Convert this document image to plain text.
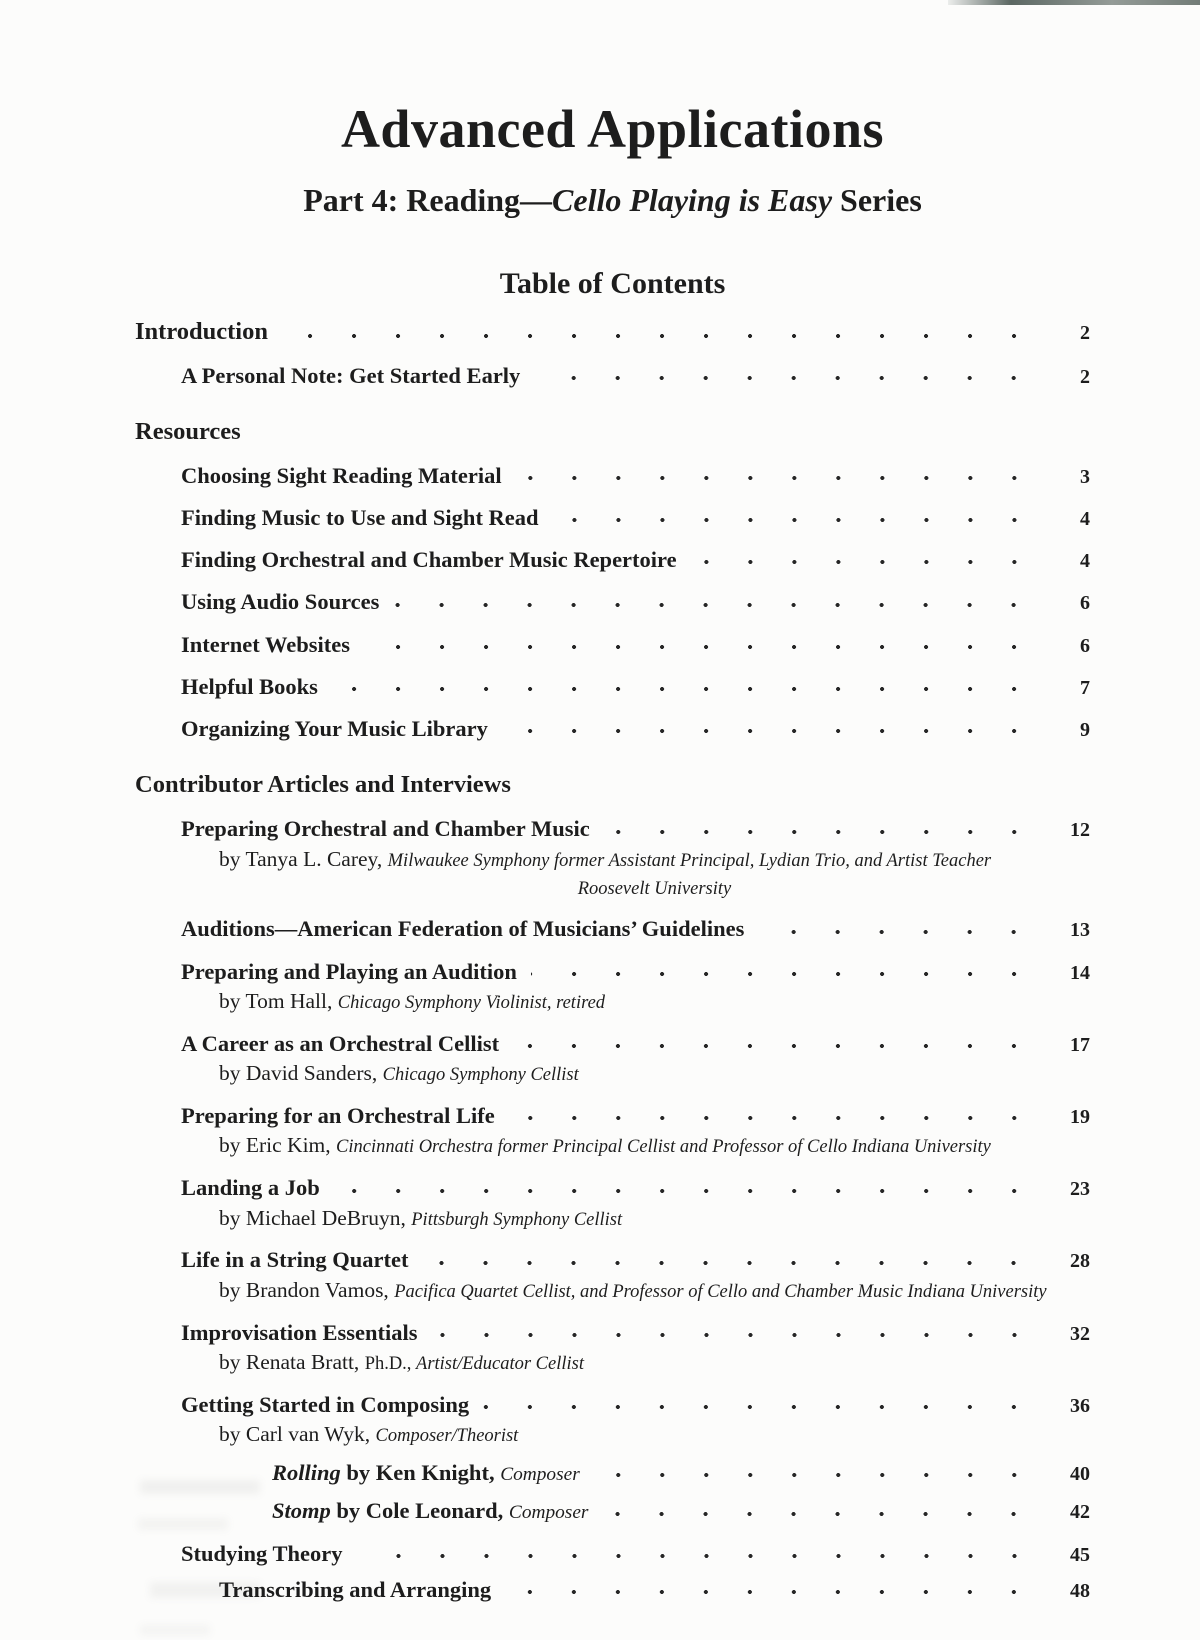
Advanced Applications
Part 4: Reading—Cello Playing is Easy Series
Table of Contents
Introduction	2
A Personal Note: Get Started Early	2
Resources
Choosing Sight Reading Material	3
Finding Music to Use and Sight Read	4
Finding Orchestral and Chamber Music Repertoire	4
Using Audio Sources	6
Internet Websites	6
Helpful Books	7
Organizing Your Music Library	9
Contributor Articles and Interviews
Preparing Orchestral and Chamber Music	12
by Tanya L. Carey, Milwaukee Symphony former Assistant Principal, Lydian Trio, and Artist Teacher
Roosevelt University
Auditions—American Federation of Musicians’ Guidelines	13
Preparing and Playing an Audition	14
by Tom Hall, Chicago Symphony Violinist, retired
A Career as an Orchestral Cellist	17
by David Sanders, Chicago Symphony Cellist
Preparing for an Orchestral Life	19
by Eric Kim, Cincinnati Orchestra former Principal Cellist and Professor of Cello Indiana University
Landing a Job	23
by Michael DeBruyn, Pittsburgh Symphony Cellist
Life in a String Quartet	28
by Brandon Vamos, Pacifica Quartet Cellist, and Professor of Cello and Chamber Music Indiana University
Improvisation Essentials	32
by Renata Bratt, Ph.D., Artist/Educator Cellist
Getting Started in Composing	36
by Carl van Wyk, Composer/Theorist
Rolling by Ken Knight, Composer	40
Stomp by Cole Leonard, Composer	42
Studying Theory	45
Transcribing and Arranging	48
